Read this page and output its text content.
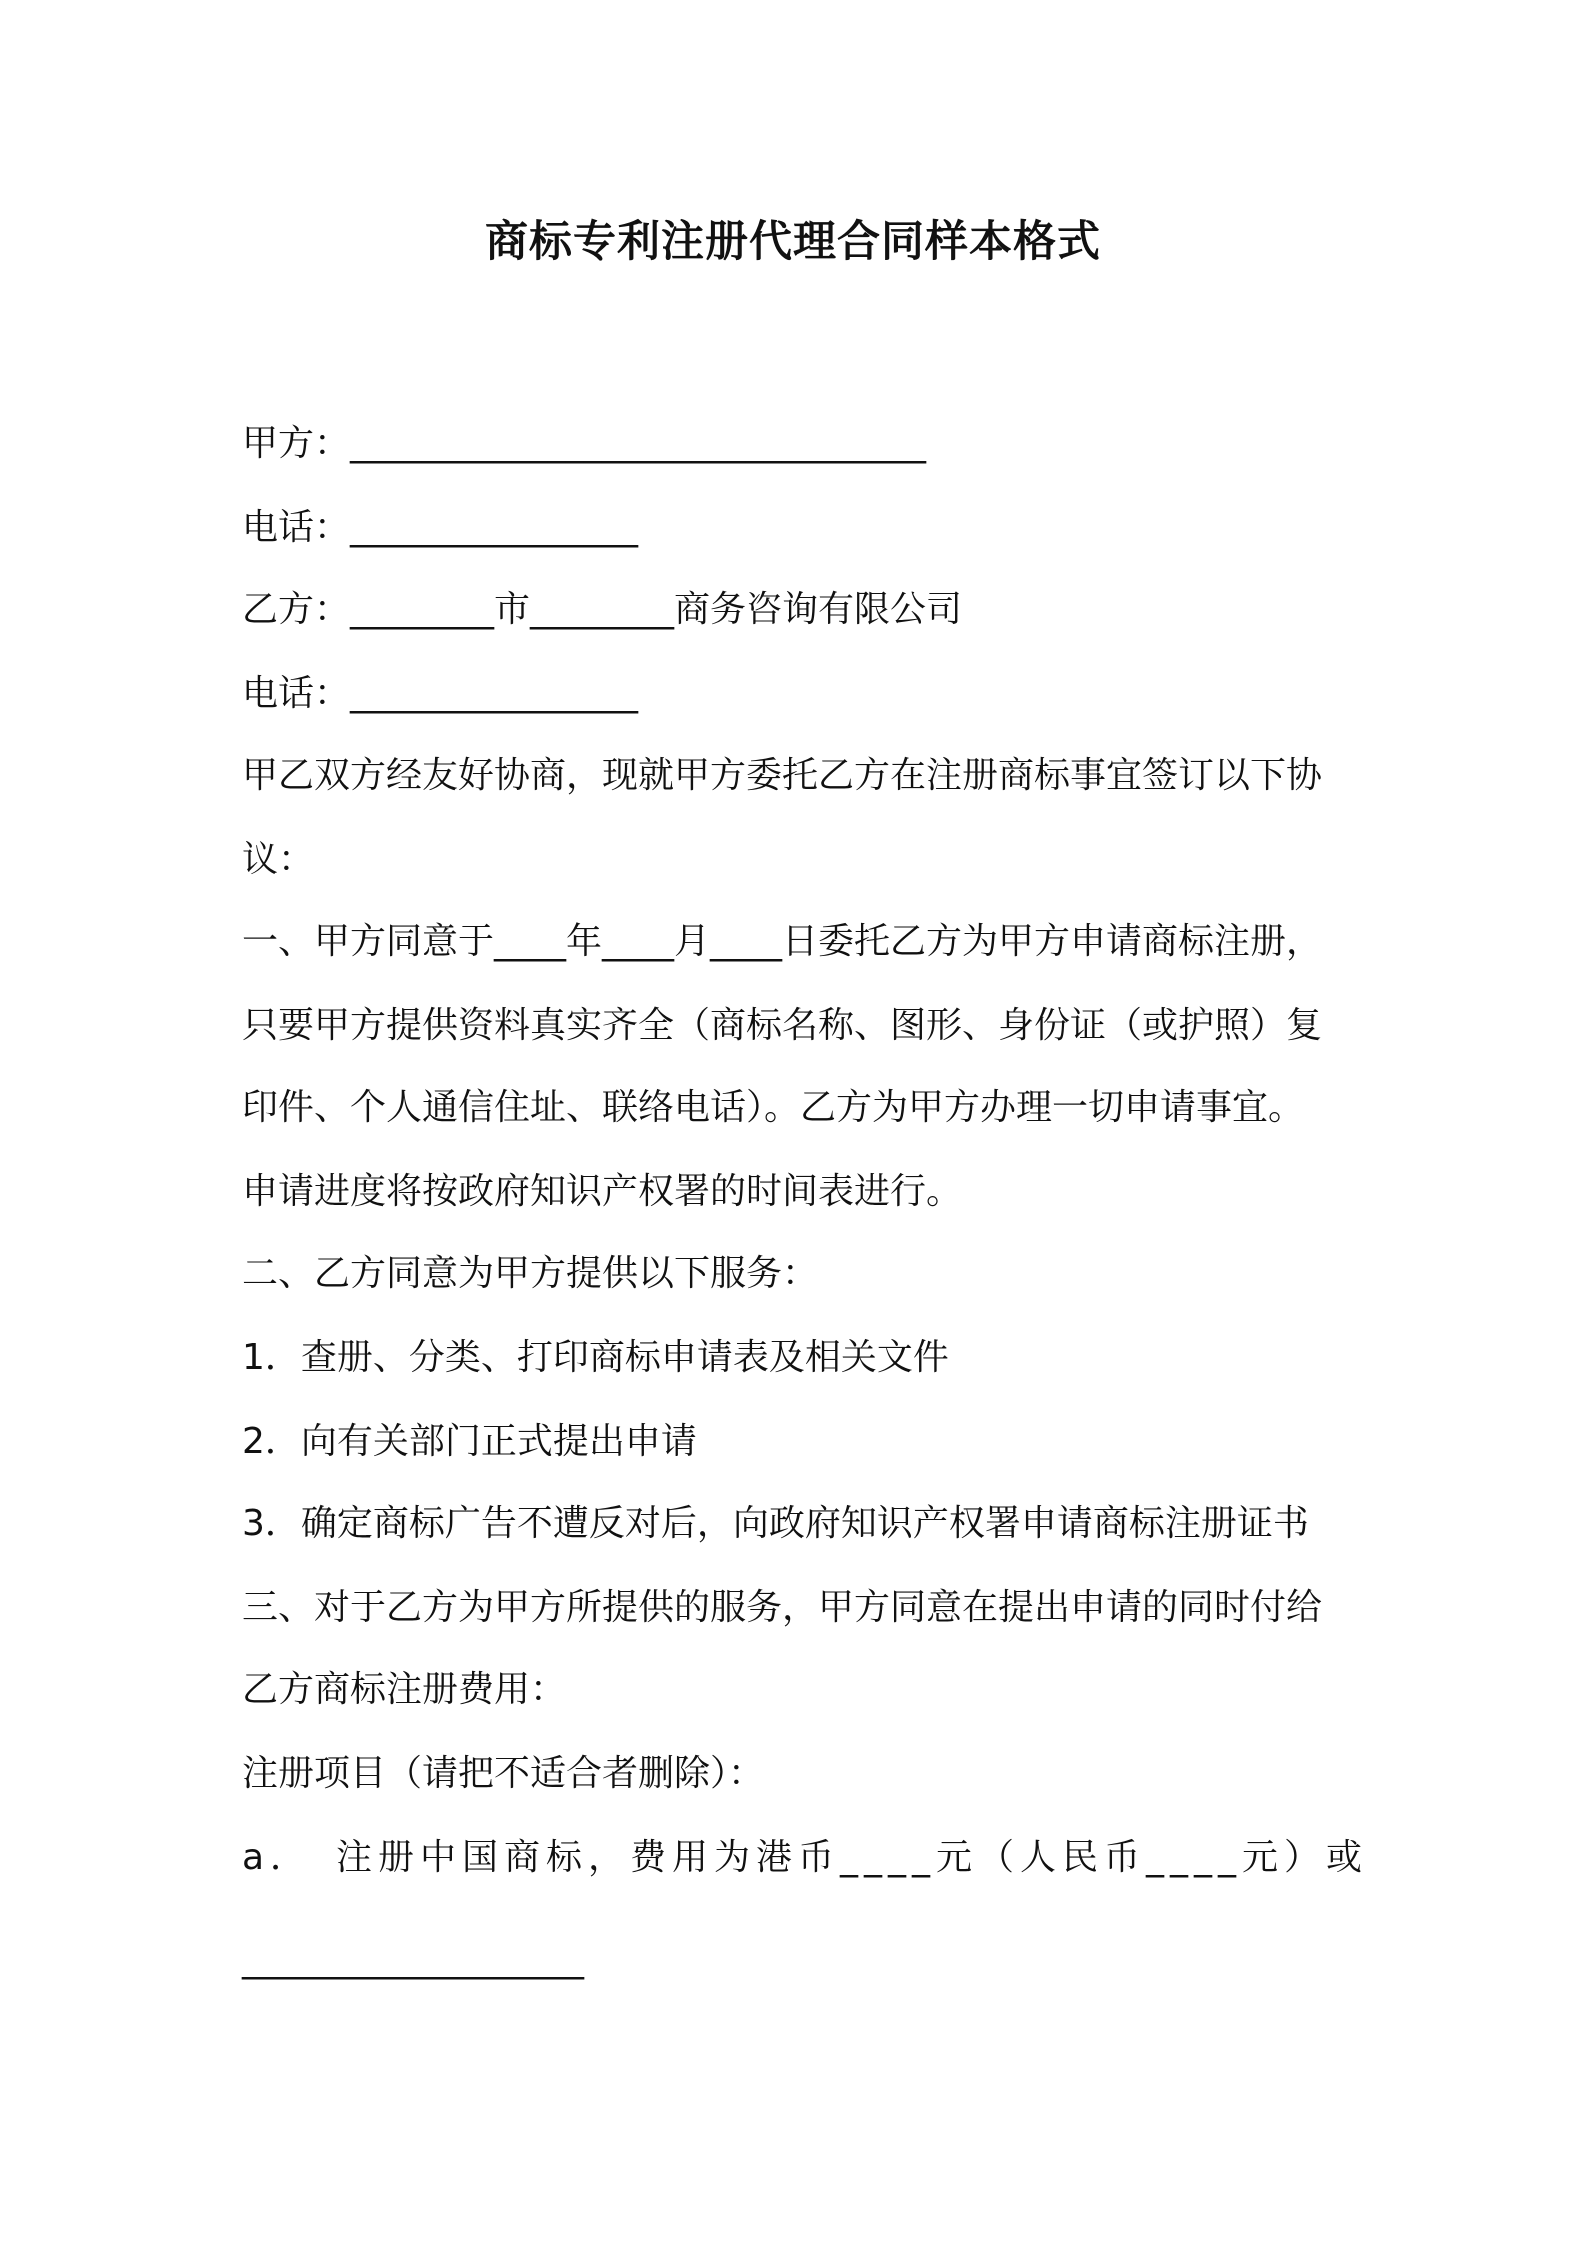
商标专利注册代理合同样本格式

甲方：________________________________

电话：________________

乙方：________市________商务咨询有限公司

电话：________________

甲乙双方经友好协商，现就甲方委托乙方在注册商标事宜签订以下协

议：

一、甲方同意于____年____月____日委托乙方为甲方申请商标注册，

只要甲方提供资料真实齐全（商标名称、图形、身份证（或护照）复

印件、个人通信住址、联络电话）。乙方为甲方办理一切申请事宜。

申请进度将按政府知识产权署的时间表进行。

二、乙方同意为甲方提供以下服务：

1．查册、分类、打印商标申请表及相关文件

2．向有关部门正式提出申请

3．确定商标广告不遭反对后，向政府知识产权署申请商标注册证书

三、对于乙方为甲方所提供的服务，甲方同意在提出申请的同时付给

乙方商标注册费用：

注册项目（请把不适合者删除）：

a．　注册中国商标，费用为港币____元（人民币____元）或

___________________
